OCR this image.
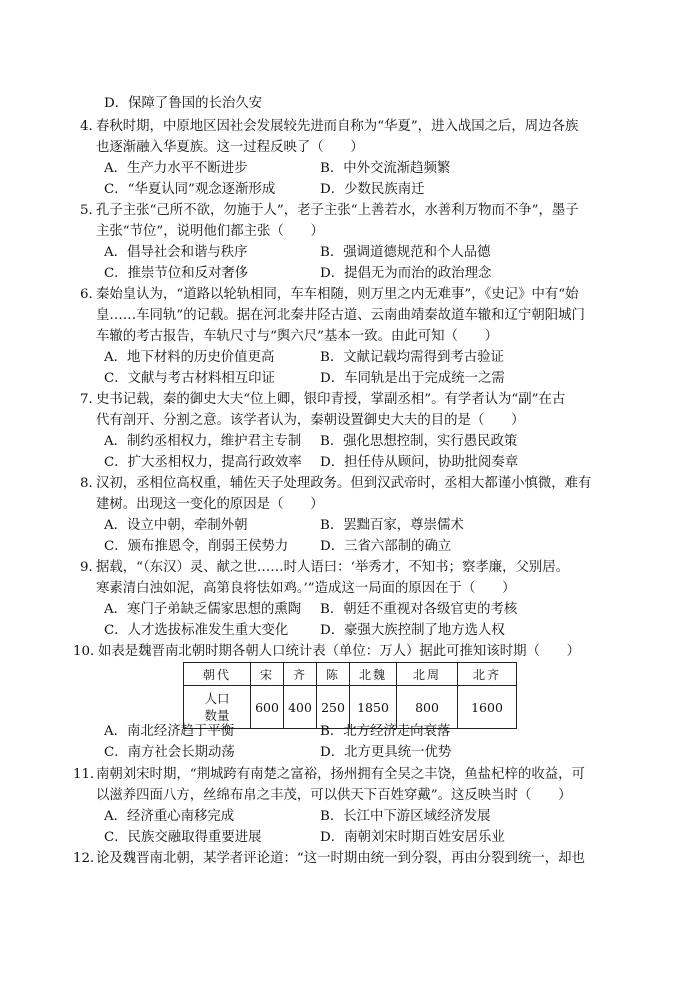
D．保障了鲁国的长治久安
4．
春秋时期，中原地区因社会发展较先进而自称为“华夏”，进入战国之后，周边各族
也逐渐融入华夏族。这一过程反映了（　　）
A．生产力水平不断进步	B．中外交流渐趋频繁
C．“华夏认同”观念逐渐形成	D．少数民族南迁
5．
孔子主张“己所不欲，勿施于人”，老子主张“上善若水，水善利万物而不争”，墨子
主张“节位”，说明他们都主张（　　）
A．倡导社会和谐与秩序	B．强调道德规范和个人品德
C．推崇节位和反对奢侈	D．提倡无为而治的政治理念
6．
秦始皇认为，“道路以轮轨相同，车车相随，则万里之内无难事”，《史记》中有“始
皇……车同轨”的记载。据在河北秦井陉古道、云南曲靖秦故道车辙和辽宁朝阳城门
车辙的考古报告，车轨尺寸与“舆六尺”基本一致。由此可知（　　）
A．地下材料的历史价值更高	B．文献记载均需得到考古验证
C．文献与考古材料相互印证	D．车同轨是出于完成统一之需
7．
史书记载，秦的御史大夫“位上卿，银印青授，掌副丞相”。有学者认为“副”在古
代有剖开、分割之意。该学者认为，秦朝设置御史大夫的目的是（　　）
A．制约丞相权力，维护君主专制 B．强化思想控制，实行愚民政策
C．扩大丞相权力，提高行政效率 D．担任侍从顾问，协助批阅奏章
8．
汉初，丞相位高权重，辅佐天子处理政务。但到汉武帝时，丞相大都谨小慎微，难有
建树。出现这一变化的原因是（　　）
A．设立中朝，牵制外朝	B．罢黜百家，尊崇儒术
C．颁布推恩令，削弱王侯势力 D．三省六部制的确立
9．
据载，“（东汉）灵、献之世……时人语曰：‘举秀才，不知书；察孝廉，父别居。
寒素清白浊如泥，高第良将怯如鸡。’”造成这一局面的原因在于（　　）
A．寒门子弟缺乏儒家思想的熏陶 B．朝廷不重视对各级官吏的考核
C．人才选拔标准发生重大变化 D．豪强大族控制了地方选人权
10．
如表是魏晋南北朝时期各朝人口统计表（单位：万人）据此可推知该时期（　　）
朝代	宋	齐	陈	北魏	北周	北齐

人口
数量	600	400	250	1850	800	1600
A．南北经济趋于平衡	B．北方经济走向衰落
C．南方社会长期动荡	D．北方更具统一优势
11．
南朝刘宋时期，“荆城跨有南楚之富裕，扬州拥有全吴之丰饶，鱼盐杞梓的收益，可
以滋养四面八方，丝绵布帛之丰茂，可以供天下百姓穿戴”。这反映当时（　　）
A．经济重心南移完成	B．长江中下游区域经济发展
C．民族交融取得重要进展	D．南朝刘宋时期百姓安居乐业
12．
论及魏晋南北朝，某学者评论道：“这一时期由统一到分裂，再由分裂到统一，却也
